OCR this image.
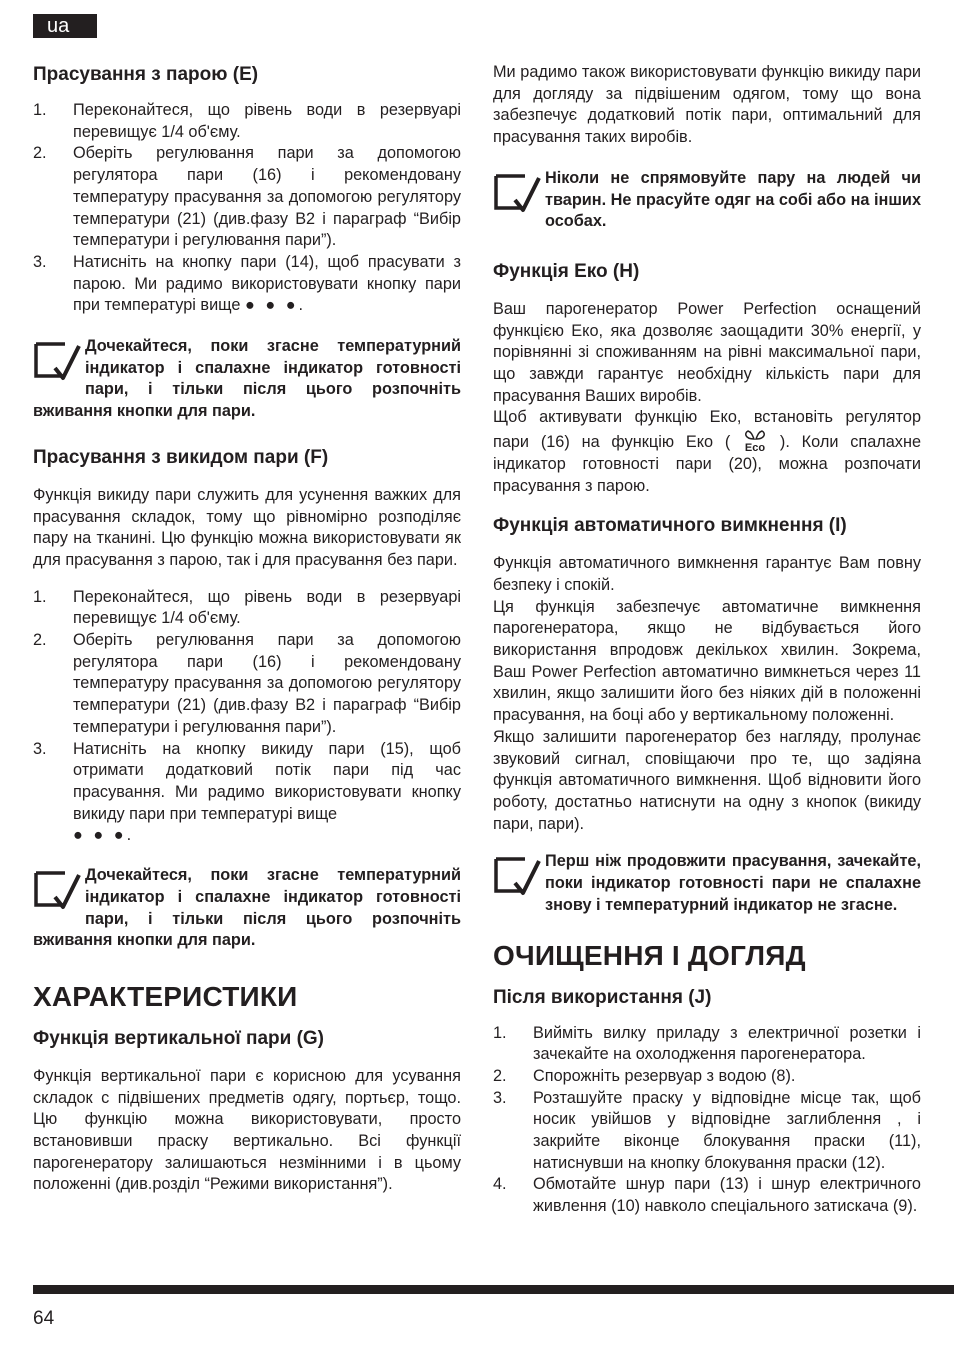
ua
Прасування з парою (E)
1. Переконайтеся, що рівень води в резервуарі перевищує 1/4 об'єму.
2. Оберіть регулювання пари за допомогою регулятора пари (16) і рекомендовану температуру прасування за допомогою регулятору температури (21) (див.фазу B2 і параграф “Вибір температури і регулювання пари”).
3. Натисніть на кнопку пари (14), щоб прасувати з парою. Ми радимо використовувати кнопку пари при температурі вище ● ● ●.
Дочекайтеся, поки згасне температурний індикатор і спалахне індикатор готовності пари, і тільки після цього розпочніть вживання кнопки для пари.
Прасування з викидом пари (F)

Функція викиду пари служить для усунення важких для прасування складок, тому що рівномірно розподіляє пару на тканині. Цю функцію можна використовувати як для прасування з парою, так і для прасування без пари.

1. Переконайтеся, що рівень води в резервуарі перевищує 1/4 об'єму.
2. Оберіть регулювання пари за допомогою регулятора пари (16) і рекомендовану температуру прасування за допомогою регулятору температури (21) (див.фазу B2 і параграф “Вибір температури і регулювання пари”).
3. Натисніть на кнопку викиду пари (15), щоб отримати додатковий потік пари під час прасування. Ми радимо використовувати кнопку викиду пари при температурі вище
● ● ●.
Дочекайтеся, поки згасне температурний індикатор і спалахне індикатор готовності пари, і тільки після цього розпочніть вживання кнопки для пари.
ХАРАКТЕРИСТИКИ
Функція вертикальної пари (G)

Функція вертикальної пари є корисною для усування складок с підвішених предметів одягу, портьєр, тощо. Цю функцію можна використовувати, просто встановивши праску вертикально. Всі функції парогенератору залишаються незмінними і в цьому положенні (див.розділ “Режими використання”).

Ми радимо також використовувати функцію викиду пари для догляду за підвішеним одягом, тому що вона забезпечує додатковий потік пари, оптимальний для прасування таких виробів.

Ніколи не спрямовуйте пару на людей чи тварин. Не прасуйте одяг на собі або на інших особах.
Функція Еко (H)

Ваш парогенератор Power Perfection оснащений функцією Еко, яка дозволяє заощадити 30% енергії, у порівнянні зі споживанням на рівні максимальної пари, що завжди гарантує необхідну кількість пари для прасування Ваших виробів.

Щоб активувати функцію Еко, встановіть регулятор пари (16) на функцію Еко ( Eco ). Коли спалахне індикатор готовності пари (20), можна розпочати прасування з парою.

Функція автоматичного вимкнення (I)

Функція автоматичного вимкнення гарантує Вам повну безпеку і спокій.

Ця функція забезпечує автоматичне вимкнення парогенератора, якщо не відбувається його використання впродовж декількох хвилин. Зокрема, Ваш Power Perfection автоматично вимкнеться через 11 хвилин, якщо залишити його без ніяких дій в положенні прасування, на боці або у вертикальному положенні.

Якщо залишити парогенератор без нагляду, пролунає звуковий сигнал, сповіщаючи про те, що задіяна функція автоматичного вимкнення. Щоб відновити його роботу, достатньо натиснути на одну з кнопок (викиду пари, пари).

Перш ніж продовжити прасування, зачекайте, поки індикатор готовності пари не спалахне знову і температурний індикатор не згасне.
ОЧИЩЕННЯ І ДОГЛЯД
Після використання (J)
1. Вийміть вилку приладу з електричної розетки і зачекайте на охолодження парогенератора.
2. Спорожніть резервуар з водою (8).
3. Розташуйте праску у відповідне місце так, щоб носик увійшов у відповідне заглиблення , і закрийте віконце блокування праски (11), натиснувши на кнопку блокування праски (12).
4. Обмотайте шнур пари (13) і шнур електричного живлення (10) навколо спеціального затискача (9).
64
